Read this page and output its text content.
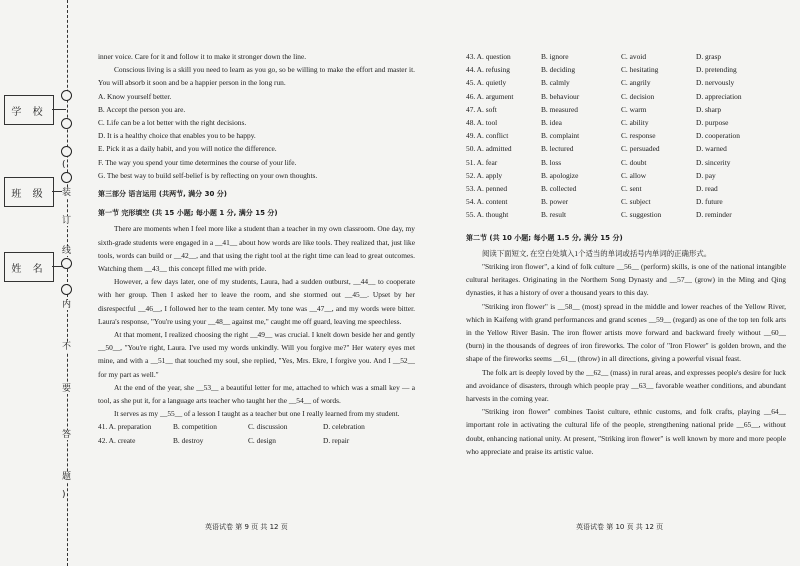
学 校
班 级
姓 名
(
装
订
线
内
不
要
答
题
)

inner voice. Care for it and follow it to make it stronger down the line.

Conscious living is a skill you need to learn as you go, so be willing to make the effort and master it. You will absorb it soon and be a happier person in the long run.

A. Know yourself better.

B. Accept the person you are.

C. Life can be a lot better with the right decisions.

D. It is a healthy choice that enables you to be happy.

E. Pick it as a daily habit, and you will notice the difference.

F. The way you spend your time determines the course of your life.

G. The best way to build self-belief is by reflecting on your own thoughts.

第三部分 语言运用 (共两节, 满分 30 分)

第一节 完形填空 (共 15 小题; 每小题 1 分, 满分 15 分)

There are moments when I feel more like a student than a teacher in my own classroom. One day, my sixth-grade students were engaged in a __41__ about how words are like tools. They realized that, just like tools, words can build or __42__, and that using the right tool at the right time can lead to great outcomes. Watching them __43__ this concept filled me with pride.

However, a few days later, one of my students, Laura, had a sudden outburst, __44__ to cooperate with her group. Then I asked her to leave the room, and she stormed out __45__. Upset by her disrespectful __46__, I followed her to the team center. My tone was __47__, and my words were bitter. Laura's response, "You're using your __48__ against me," caught me off guard, leaving me speechless.

At that moment, I realized choosing the right __49__ was crucial. I knelt down beside her and gently __50__, "You're right, Laura. I've used my words unkindly. Will you forgive me?" Her watery eyes met mine, and with a __51__ that touched my soul, she replied, "Yes, Mrs. Ekre, I forgive you. And I __52__ for my part as well."

At the end of the year, she __53__ a beautiful letter for me, attached to which was a small key — a tool, as she put it, for a language arts teacher who taught her the __54__ of words.

It serves as my __55__ of a lesson I taught as a teacher but one I really learned from my student.

41. A. preparation	B. competition	C. discussion	D. celebration
42. A. create	B. destroy	C. design	D. repair
英语试卷 第 9 页 共 12 页
43. A. question	B. ignore	C. avoid	D. grasp
44. A. refusing	B. deciding	C. hesitating	D. pretending
45. A. quietly	B. calmly	C. angrily	D. nervously
46. A. argument	B. behaviour	C. decision	D. appreciation
47. A. soft	B. measured	C. warm	D. sharp
48. A. tool	B. idea	C. ability	D. purpose
49. A. conflict	B. complaint	C. response	D. cooperation
50. A. admitted	B. lectured	C. persuaded	D. warned
51. A. fear	B. loss	C. doubt	D. sincerity
52. A. apply	B. apologize	C. allow	D. pay
53. A. penned	B. collected	C. sent	D. read
54. A. content	B. power	C. subject	D. future
55. A. thought	B. result	C. suggestion	D. reminder

第二节 (共 10 小题; 每小题 1.5 分, 满分 15 分)

阅读下面短文, 在空白处填入1个适当的单词或括号内单词的正确形式。

"Striking iron flower", a kind of folk culture __56__ (perform) skills, is one of the national intangible cultural heritages. Originating in the Northern Song Dynasty and __57__ (grow) in the Ming and Qing dynasties, it has a history of over a thousand years to this day.

"Striking iron flower" is __58__ (most) spread in the middle and lower reaches of the Yellow River, which in Kaifeng with grand performances and grand scenes __59__ (regard) as one of the top ten folk arts in the Yellow River Basin. The iron flower artists move forward and backward freely without __60__ (burn) in the thousands of degrees of iron fireworks. The color of "Iron Flower" is golden brown, and the shape of the fireworks seems __61__ (throw) in all directions, giving a powerful visual feast.

The folk art is deeply loved by the __62__ (mass) in rural areas, and expresses people's desire for luck and avoidance of disasters, through which people pray __63__ favorable weather conditions, and abundant harvests in the coming year.

"Striking iron flower" combines Taoist culture, ethnic customs, and folk crafts, playing __64__ important role in activating the cultural life of the people, strengthening national pride __65__, without doubt, enhancing national unity. At present, "Striking iron flower" is well known by more and more people who appreciate and praise its artistic value.

英语试卷 第 10 页 共 12 页
